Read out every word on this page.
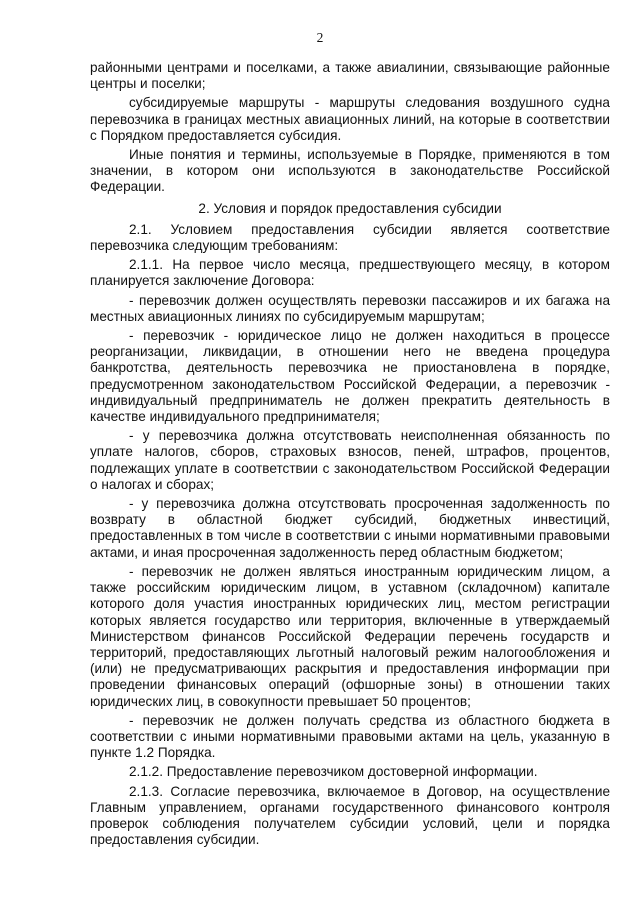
2

районными центрами и поселками, а также авиалинии, связывающие районные центры и поселки;

субсидируемые маршруты - маршруты следования воздушного судна перевозчика в границах местных авиационных линий, на которые в соответствии с Порядком предоставляется субсидия.

Иные понятия и термины, используемые в Порядке, применяются в том значении, в котором они используются в законодательстве Российской Федерации.

2. Условия и порядок предоставления субсидии

2.1. Условием предоставления субсидии является соответствие перевозчика следующим требованиям:

2.1.1. На первое число месяца, предшествующего месяцу, в котором планируется заключение Договора:

- перевозчик должен осуществлять перевозки пассажиров и их багажа на местных авиационных линиях по субсидируемым маршрутам;

- перевозчик - юридическое лицо не должен находиться в процессе реорганизации, ликвидации, в отношении него не введена процедура банкротства, деятельность перевозчика не приостановлена в порядке, предусмотренном законодательством Российской Федерации, а перевозчик - индивидуальный предприниматель не должен прекратить деятельность в качестве индивидуального предпринимателя;

- у перевозчика должна отсутствовать неисполненная обязанность по уплате налогов, сборов, страховых взносов, пеней, штрафов, процентов, подлежащих уплате в соответствии с законодательством Российской Федерации о налогах и сборах;

- у перевозчика должна отсутствовать просроченная задолженность по возврату в областной бюджет субсидий, бюджетных инвестиций, предоставленных в том числе в соответствии с иными нормативными правовыми актами, и иная просроченная задолженность перед областным бюджетом;

- перевозчик не должен являться иностранным юридическим лицом, а также российским юридическим лицом, в уставном (складочном) капитале которого доля участия иностранных юридических лиц, местом регистрации которых является государство или территория, включенные в утверждаемый Министерством финансов Российской Федерации перечень государств и территорий, предоставляющих льготный налоговый режим налогообложения и (или) не предусматривающих раскрытия и предоставления информации при проведении финансовых операций (офшорные зоны) в отношении таких юридических лиц, в совокупности превышает 50 процентов;

- перевозчик не должен получать средства из областного бюджета в соответствии с иными нормативными правовыми актами на цель, указанную в пункте 1.2 Порядка.

2.1.2. Предоставление перевозчиком достоверной информации.

2.1.3. Согласие перевозчика, включаемое в Договор, на осуществление Главным управлением, органами государственного финансового контроля проверок соблюдения получателем субсидии условий, цели и порядка предоставления субсидии.
